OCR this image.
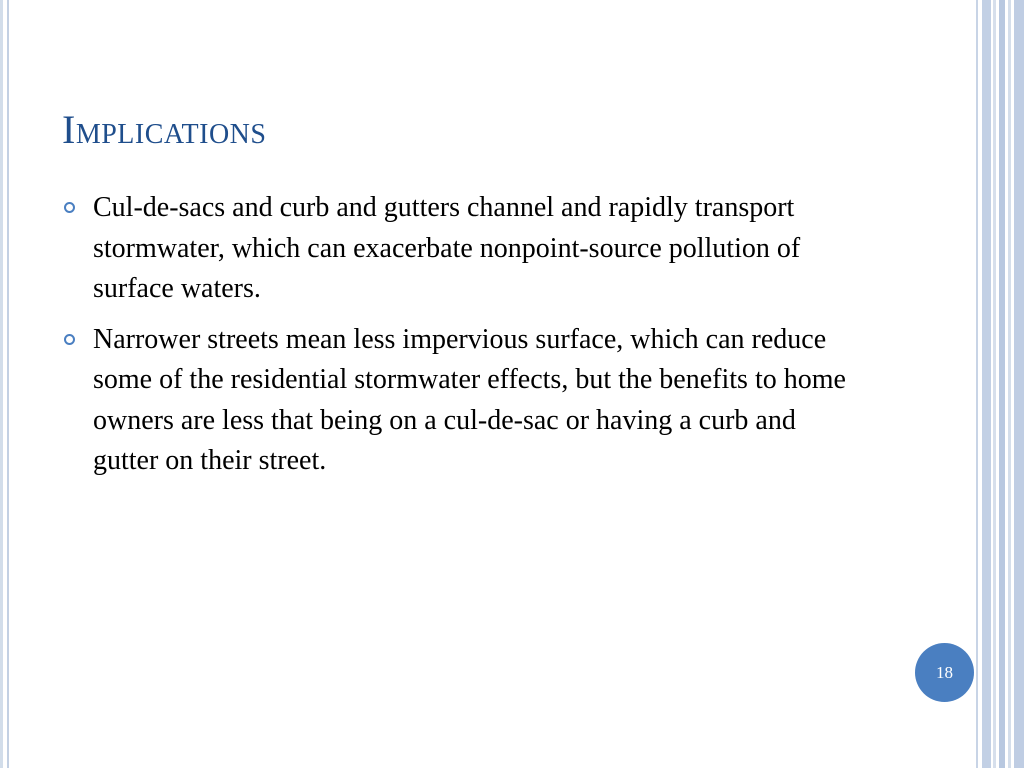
Implications
Cul-de-sacs and curb and gutters channel and rapidly transport stormwater, which can exacerbate nonpoint-source pollution of surface waters.
Narrower streets mean less impervious surface, which can reduce some of the residential stormwater effects, but the benefits to home owners are less that being on a cul-de-sac or having a curb and gutter on their street.
18
